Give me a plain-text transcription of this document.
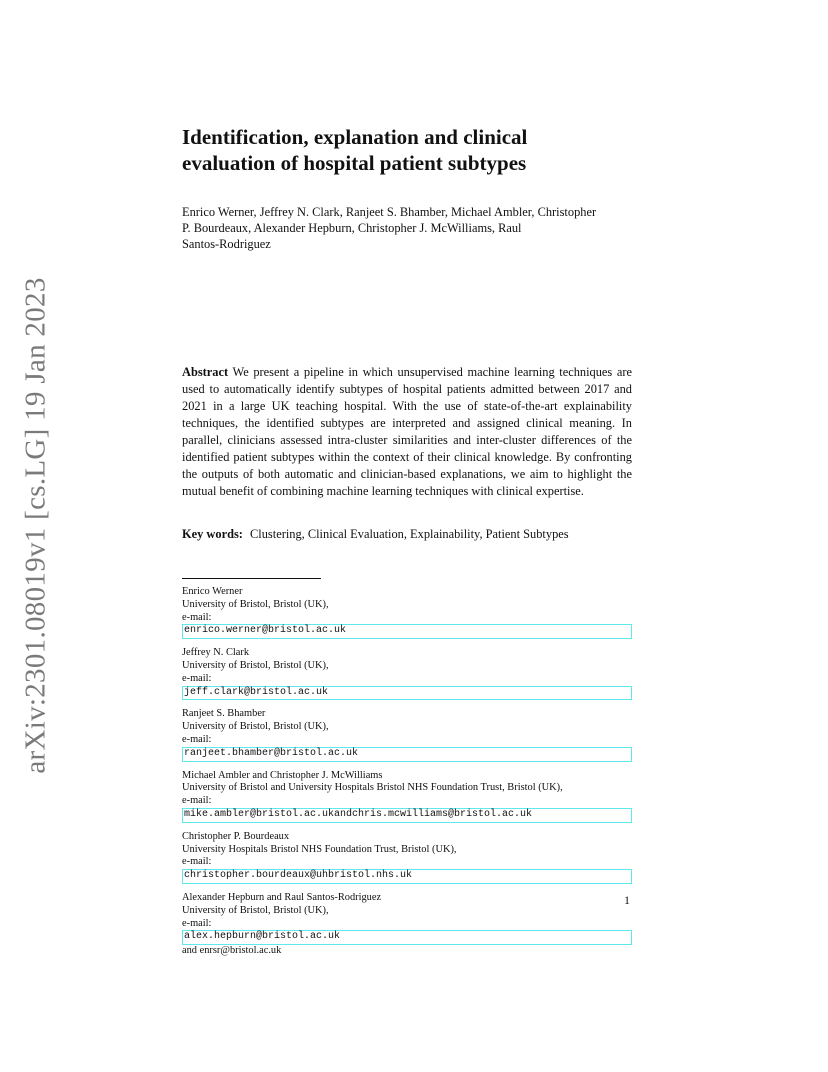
arXiv:2301.08019v1 [cs.LG] 19 Jan 2023
Identification, explanation and clinical
evaluation of hospital patient subtypes

Enrico Werner, Jeffrey N. Clark, Ranjeet S. Bhamber, Michael Ambler, Christopher
P. Bourdeaux, Alexander Hepburn, Christopher J. McWilliams, Raul
Santos-Rodriguez

Abstract We present a pipeline in which unsupervised machine learning techniques are used to automatically identify subtypes of hospital patients admitted between 2017 and 2021 in a large UK teaching hospital. With the use of state-of-the-art explainability techniques, the identified subtypes are interpreted and assigned clinical meaning. In parallel, clinicians assessed intra-cluster similarities and inter-cluster differences of the identified patient subtypes within the context of their clinical knowledge. By confronting the outputs of both automatic and clinician-based explanations, we aim to highlight the mutual benefit of combining machine learning techniques with clinical expertise.

Key words: Clustering, Clinical Evaluation, Explainability, Patient Subtypes

Enrico Werner
University of Bristol, Bristol (UK),
e-mail:
enrico.werner@bristol.ac.uk
Jeffrey N. Clark
University of Bristol, Bristol (UK),
e-mail:
jeff.clark@bristol.ac.uk
Ranjeet S. Bhamber
University of Bristol, Bristol (UK),
e-mail:
ranjeet.bhamber@bristol.ac.uk
Michael Ambler and Christopher J. McWilliams
University of Bristol and University Hospitals Bristol NHS Foundation Trust, Bristol (UK),
e-mail:
mike.ambler@bristol.ac.ukandchris.mcwilliams@bristol.ac.uk
Christopher P. Bourdeaux
University Hospitals Bristol NHS Foundation Trust, Bristol (UK),
e-mail:
christopher.bourdeaux@uhbristol.nhs.uk
Alexander Hepburn and Raul Santos-Rodriguez
University of Bristol, Bristol (UK),
e-mail:
alex.hepburn@bristol.ac.uk
and enrsr@bristol.ac.uk
1
